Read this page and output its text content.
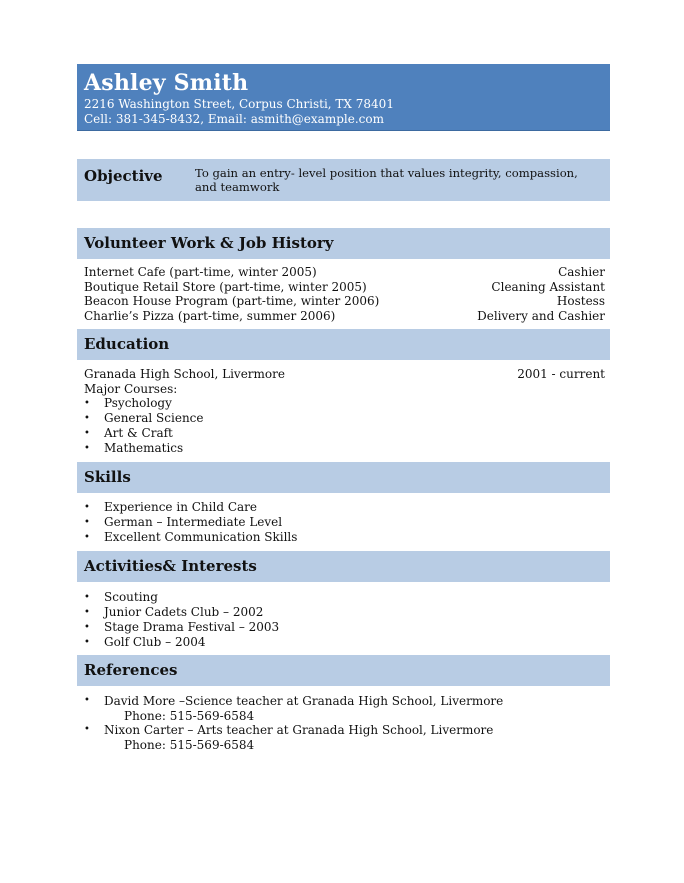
Ashley Smith
2216 Washington Street, Corpus Christi, TX 78401
Cell: 381-345-8432, Email: asmith@example.com
Objective	To gain an entry- level position that values integrity, compassion, and teamwork
Volunteer Work & Job History
Internet Cafe (part-time, winter 2005)	Cashier
Boutique Retail Store (part-time, winter 2005)	Cleaning Assistant
Beacon House Program (part-time, winter 2006)	Hostess
Charlie’s Pizza (part-time, summer 2006)	Delivery and Cashier
Education
Granada High School, Livermore	2001 - current
Major Courses:
• Psychology
• General Science
• Art & Craft
• Mathematics
Skills
• Experience in Child Care
• German – Intermediate Level
• Excellent Communication Skills
Activities& Interests
• Scouting
• Junior Cadets Club – 2002
• Stage Drama Festival – 2003
• Golf Club – 2004
References
• David More –Science teacher at Granada High School, Livermore
Phone: 515-569-6584
• Nixon Carter – Arts teacher at Granada High School, Livermore
Phone: 515-569-6584
